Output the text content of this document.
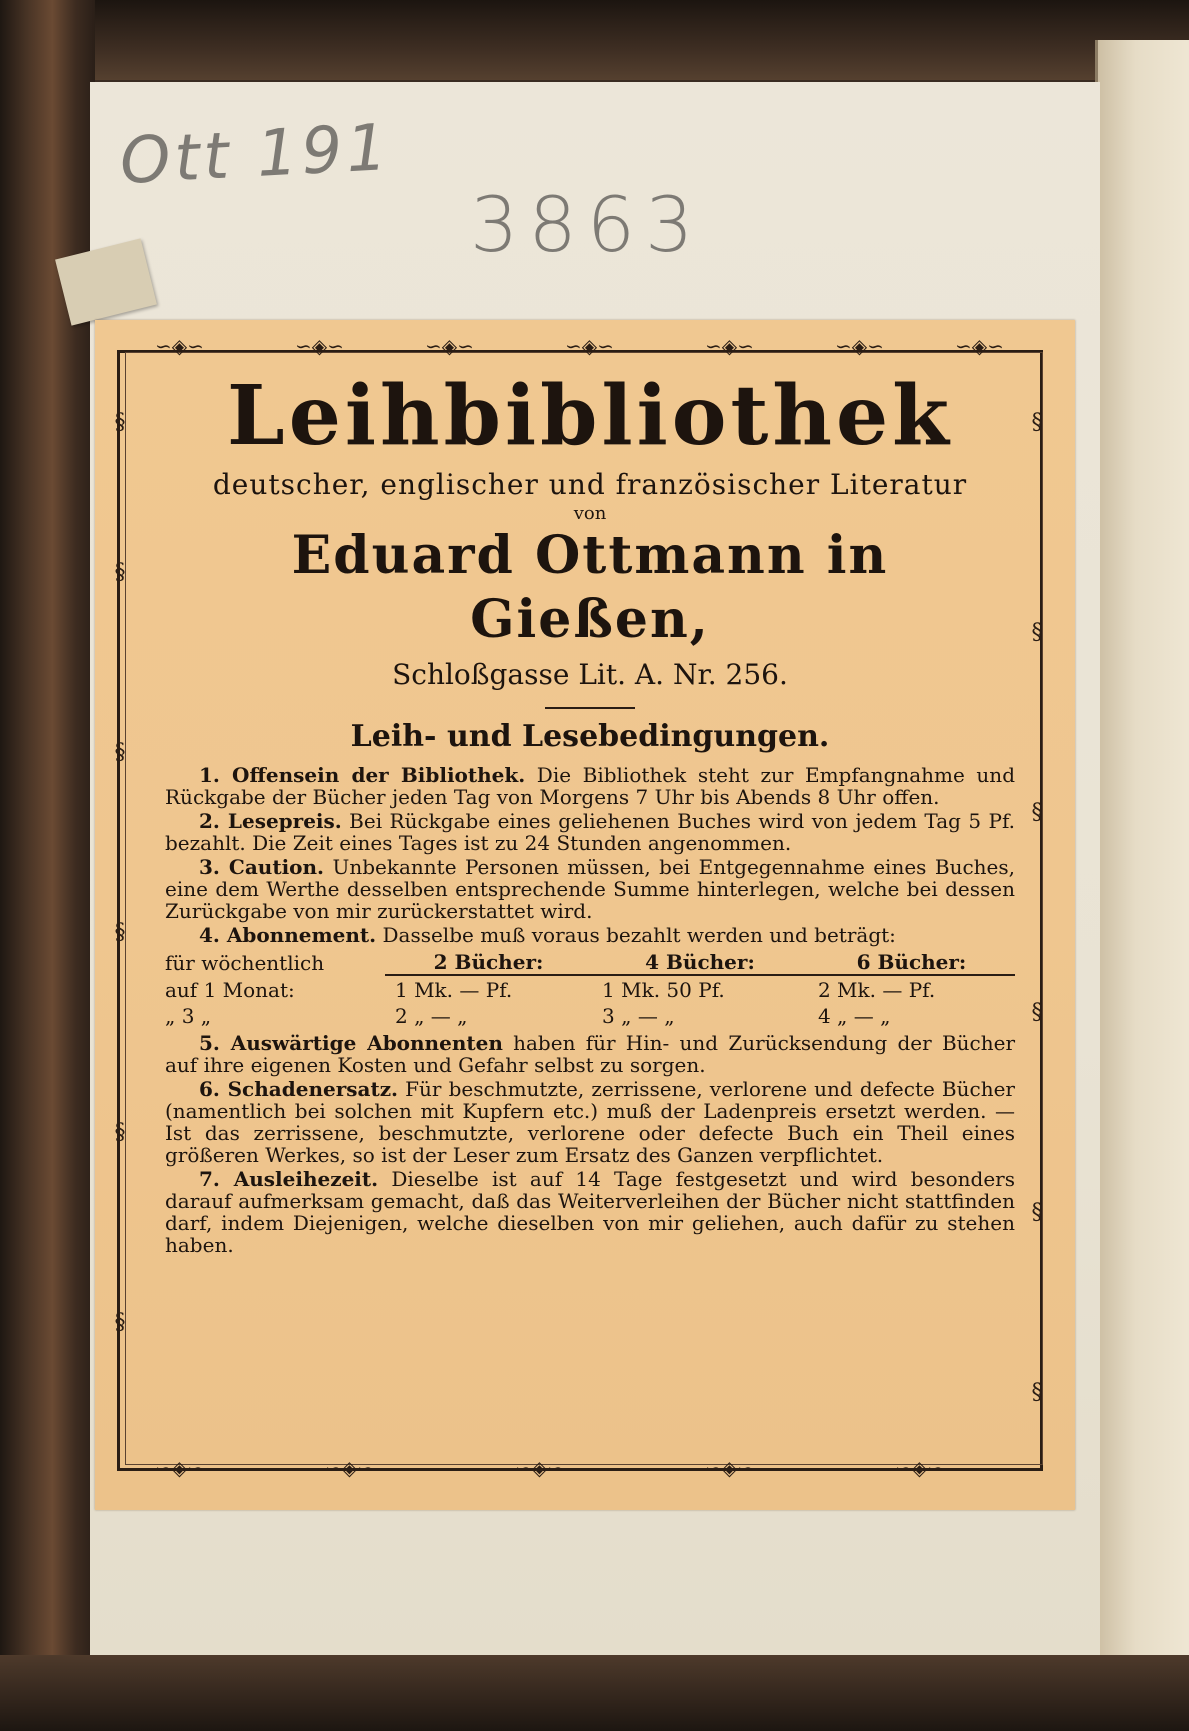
Ott 191
3863
∽◈∽	∽◈∽	∽◈∽	∽◈∽	∽◈∽	∽◈∽	∽◈∽
∽◈∽	∽◈∽	∽◈∽	∽◈∽	∽◈∽
§
§
§
§
§
§
§
§
§
§
§
§
Leihbibliothek
deutscher, englischer und französischer Literatur
von
Eduard Ottmann in Gießen,
Schloßgasse Lit. A. Nr. 256.
Leih- und Lesebedingungen.

1. Offensein der Bibliothek. Die Bibliothek steht zur Empfangnahme und Rückgabe der Bücher jeden Tag von Morgens 7 Uhr bis Abends 8 Uhr offen.

2. Lesepreis. Bei Rückgabe eines geliehenen Buches wird von jedem Tag 5 Pf. bezahlt. Die Zeit eines Tages ist zu 24 Stunden angenommen.

3. Caution. Unbekannte Personen müssen, bei Entgegennahme eines Buches, eine dem Werthe desselben entsprechende Summe hinterlegen, welche bei dessen Zurückgabe von mir zurückerstattet wird.

4. Abonnement. Dasselbe muß voraus bezahlt werden und beträgt:

für wöchentlich	2 Bücher:	4 Bücher:	6 Bücher:
auf 1 Monat:	1 Mk. — Pf.	1 Mk. 50 Pf.	2 Mk. — Pf.
„ 3 „	2 „ — „	3 „ — „	4 „ — „

5. Auswärtige Abonnenten haben für Hin- und Zurücksendung der Bücher auf ihre eigenen Kosten und Gefahr selbst zu sorgen.

6. Schadenersatz. Für beschmutzte, zerrissene, verlorene und defecte Bücher (namentlich bei solchen mit Kupfern etc.) muß der Ladenpreis ersetzt werden. — Ist das zerrissene, beschmutzte, verlorene oder defecte Buch ein Theil eines größeren Werkes, so ist der Leser zum Ersatz des Ganzen verpflichtet.

7. Ausleihezeit. Dieselbe ist auf 14 Tage festgesetzt und wird besonders darauf aufmerksam gemacht, daß das Weiterverleihen der Bücher nicht stattfinden darf, indem Diejenigen, welche dieselben von mir geliehen, auch dafür zu stehen haben.
